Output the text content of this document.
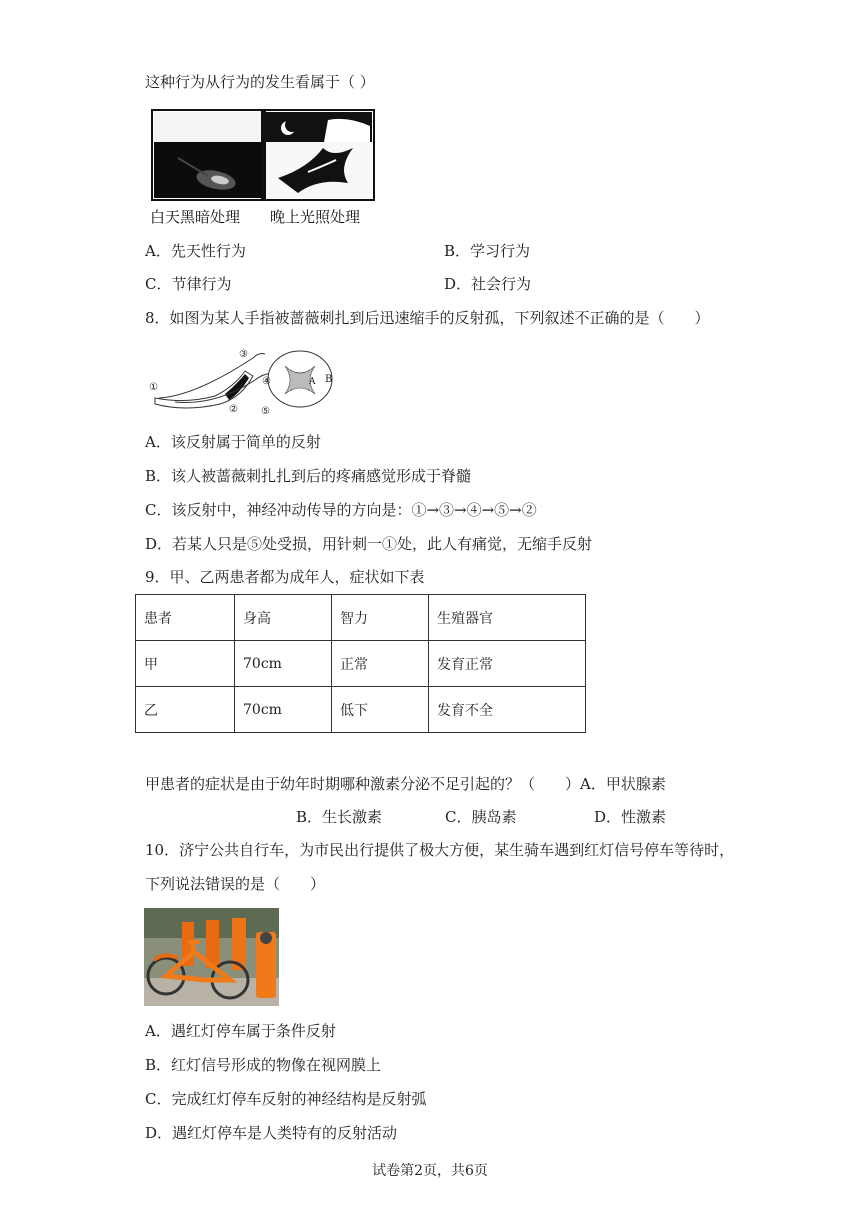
这种行为从行为的发生看属于（ ）
白天黑暗处理 晚上光照处理
A．先天性行为	B．学习行为
C．节律行为	D．社会行为
8．如图为某人手指被蔷薇刺扎到后迅速缩手的反射孤，下列叙述不正确的是（　　）
①
②
③
④
⑤
A B
A．该反射属于简单的反射
B．该人被蔷薇刺扎扎到后的疼痛感觉形成于脊髓
C．该反射中，神经冲动传导的方向是：①→③→④→⑤→②
D．若某人只是⑤处受损，用针刺一①处，此人有痛觉，无缩手反射
9．甲、乙两患者都为成年人，症状如下表
患者	身高	智力	生殖器官
甲	70cm	正常	发育正常
乙	70cm	低下	发育不全
甲患者的症状是由于幼年时期哪种激素分泌不足引起的？（　　）A．甲状腺素
B．生长激素	C．胰岛素	D．性激素
10．济宁公共自行车，为市民出行提供了极大方便，某生骑车遇到红灯信号停车等待时，
下列说法错误的是（　　）
A．遇红灯停车属于条件反射
B．红灯信号形成的物像在视网膜上
C．完成红灯停车反射的神经结构是反射弧
D．遇红灯停车是人类特有的反射活动
试卷第2页，共6页
